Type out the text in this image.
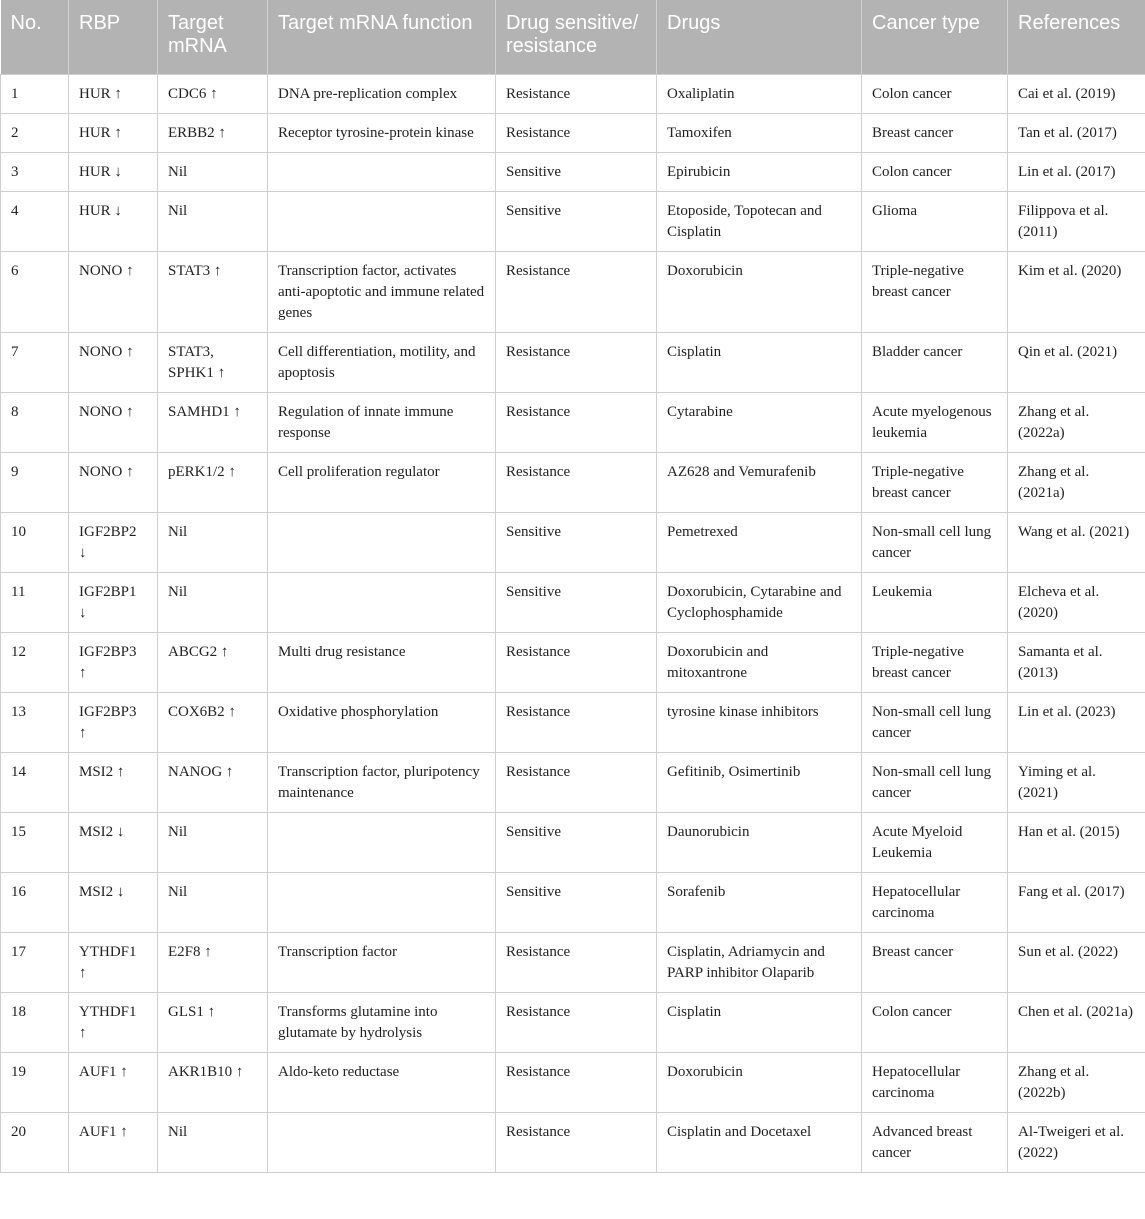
No.	RBP	Target mRNA	Target mRNA function	Drug sensitive/ resistance	Drugs	Cancer type	References
1	HUR ↑	CDC6 ↑	DNA pre-replication complex	Resistance	Oxaliplatin	Colon cancer	Cai et al. (2019)
2	HUR ↑	ERBB2 ↑	Receptor tyrosine-protein kinase	Resistance	Tamoxifen	Breast cancer	Tan et al. (2017)
3	HUR ↓	Nil		Sensitive	Epirubicin	Colon cancer	Lin et al. (2017)
4	HUR ↓	Nil		Sensitive	Etoposide, Topotecan and Cisplatin	Glioma	Filippova et al. (2011)
6	NONO ↑	STAT3 ↑	Transcription factor, activates anti-apoptotic and immune related genes	Resistance	Doxorubicin	Triple-negative breast cancer	Kim et al. (2020)
7	NONO ↑	STAT3, SPHK1 ↑	Cell differentiation, motility, and apoptosis	Resistance	Cisplatin	Bladder cancer	Qin et al. (2021)
8	NONO ↑	SAMHD1 ↑	Regulation of innate immune response	Resistance	Cytarabine	Acute myelogenous leukemia	Zhang et al. (2022a)
9	NONO ↑	pERK1/2 ↑	Cell proliferation regulator	Resistance	AZ628 and Vemurafenib	Triple-negative breast cancer	Zhang et al. (2021a)
10	IGF2BP2 ↓	Nil		Sensitive	Pemetrexed	Non-small cell lung cancer	Wang et al. (2021)
11	IGF2BP1 ↓	Nil		Sensitive	Doxorubicin, Cytarabine and Cyclophosphamide	Leukemia	Elcheva et al. (2020)
12	IGF2BP3 ↑	ABCG2 ↑	Multi drug resistance	Resistance	Doxorubicin and mitoxantrone	Triple-negative breast cancer	Samanta et al. (2013)
13	IGF2BP3 ↑	COX6B2 ↑	Oxidative phosphorylation	Resistance	tyrosine kinase inhibitors	Non-small cell lung cancer	Lin et al. (2023)
14	MSI2 ↑	NANOG ↑	Transcription factor, pluripotency maintenance	Resistance	Gefitinib, Osimertinib	Non-small cell lung cancer	Yiming et al. (2021)
15	MSI2 ↓	Nil		Sensitive	Daunorubicin	Acute Myeloid Leukemia	Han et al. (2015)
16	MSI2 ↓	Nil		Sensitive	Sorafenib	Hepatocellular carcinoma	Fang et al. (2017)
17	YTHDF1 ↑	E2F8 ↑	Transcription factor	Resistance	Cisplatin, Adriamycin and PARP inhibitor Olaparib	Breast cancer	Sun et al. (2022)
18	YTHDF1 ↑	GLS1 ↑	Transforms glutamine into glutamate by hydrolysis	Resistance	Cisplatin	Colon cancer	Chen et al. (2021a)
19	AUF1 ↑	AKR1B10 ↑	Aldo-keto reductase	Resistance	Doxorubicin	Hepatocellular carcinoma	Zhang et al. (2022b)
20	AUF1 ↑	Nil		Resistance	Cisplatin and Docetaxel	Advanced breast cancer	Al-Tweigeri et al. (2022)
